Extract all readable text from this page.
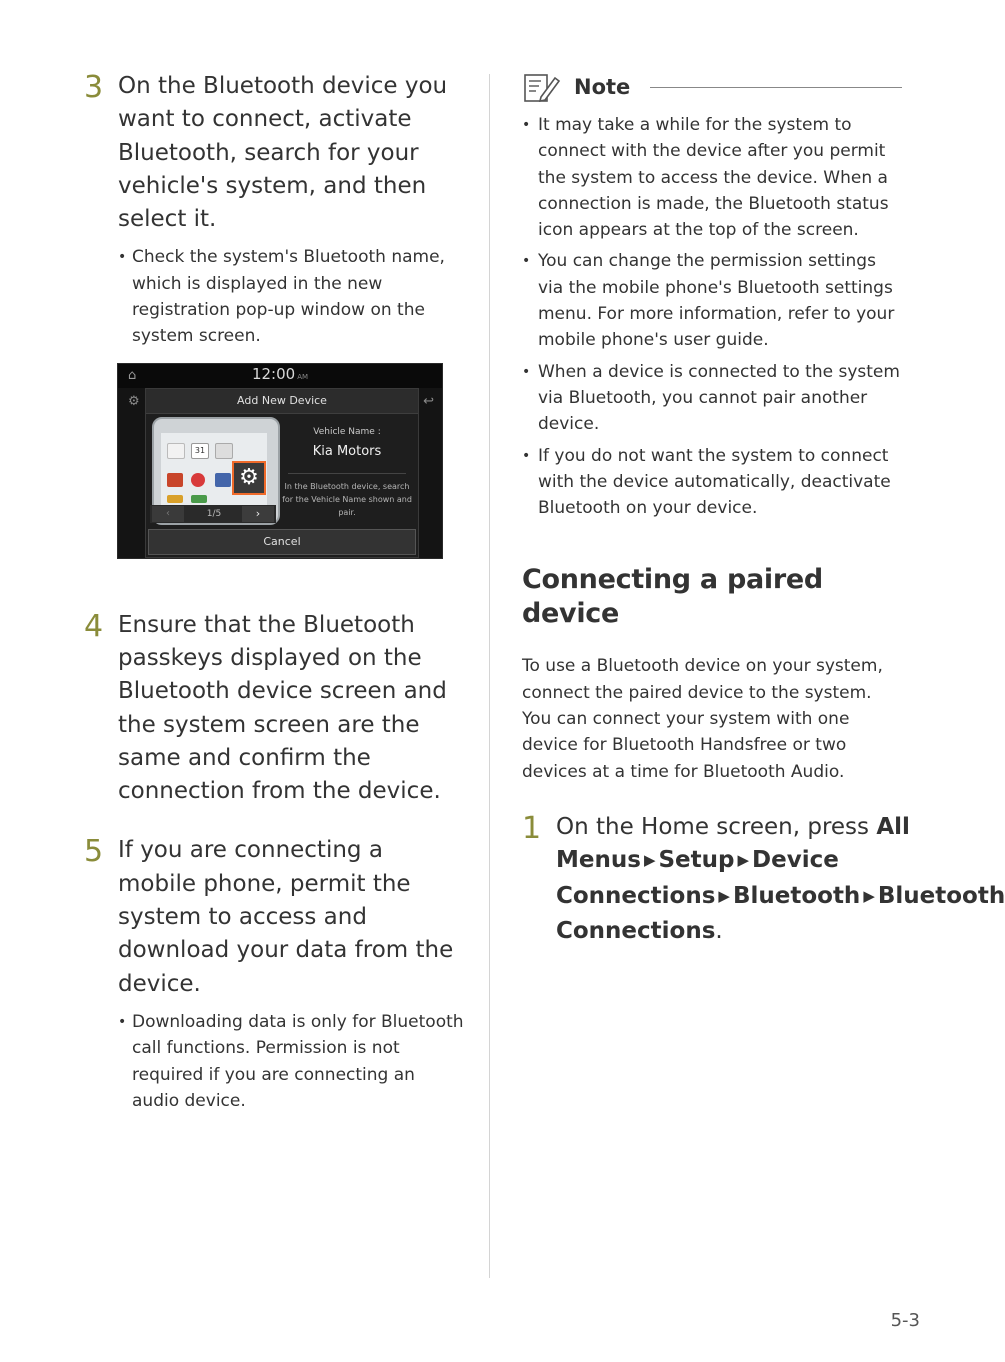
3 On the Bluetooth device you want to connect, activate Bluetooth, search for your vehicle's system, and then select it.
• Check the system's Bluetooth name, which is displayed in the new registration pop-up window on the system screen.
⌂	12:00 AM
⚙	↩
Add New Device
31
⚙
‹	1/5	›
Vehicle Name :
Kia Motors
In the Bluetooth device, search for the Vehicle Name shown and pair.
Cancel
4 Ensure that the Bluetooth passkeys displayed on the Bluetooth device screen and the system screen are the same and confirm the connection from the device.
5 If you are connecting a mobile phone, permit the system to access and download your data from the device.
• Downloading data is only for Bluetooth call functions. Permission is not required if you are connecting an audio device.
Note
• It may take a while for the system to connect with the device after you permit the system to access the device. When a connection is made, the Bluetooth status icon appears at the top of the screen.
• You can change the permission settings via the mobile phone's Bluetooth settings menu. For more information, refer to your mobile phone's user guide.
• When a device is connected to the system via Bluetooth, you cannot pair another device.
• If you do not want the system to connect with the device automatically, deactivate Bluetooth on your device.
Connecting a paired device
To use a Bluetooth device on your system, connect the paired device to the system. You can connect your system with one device for Bluetooth Handsfree or two devices at a time for Bluetooth Audio.
1 On the Home screen, press All Menus ▶ Setup ▶ Device Connections ▶ Bluetooth ▶ Bluetooth Connections.
5-3
